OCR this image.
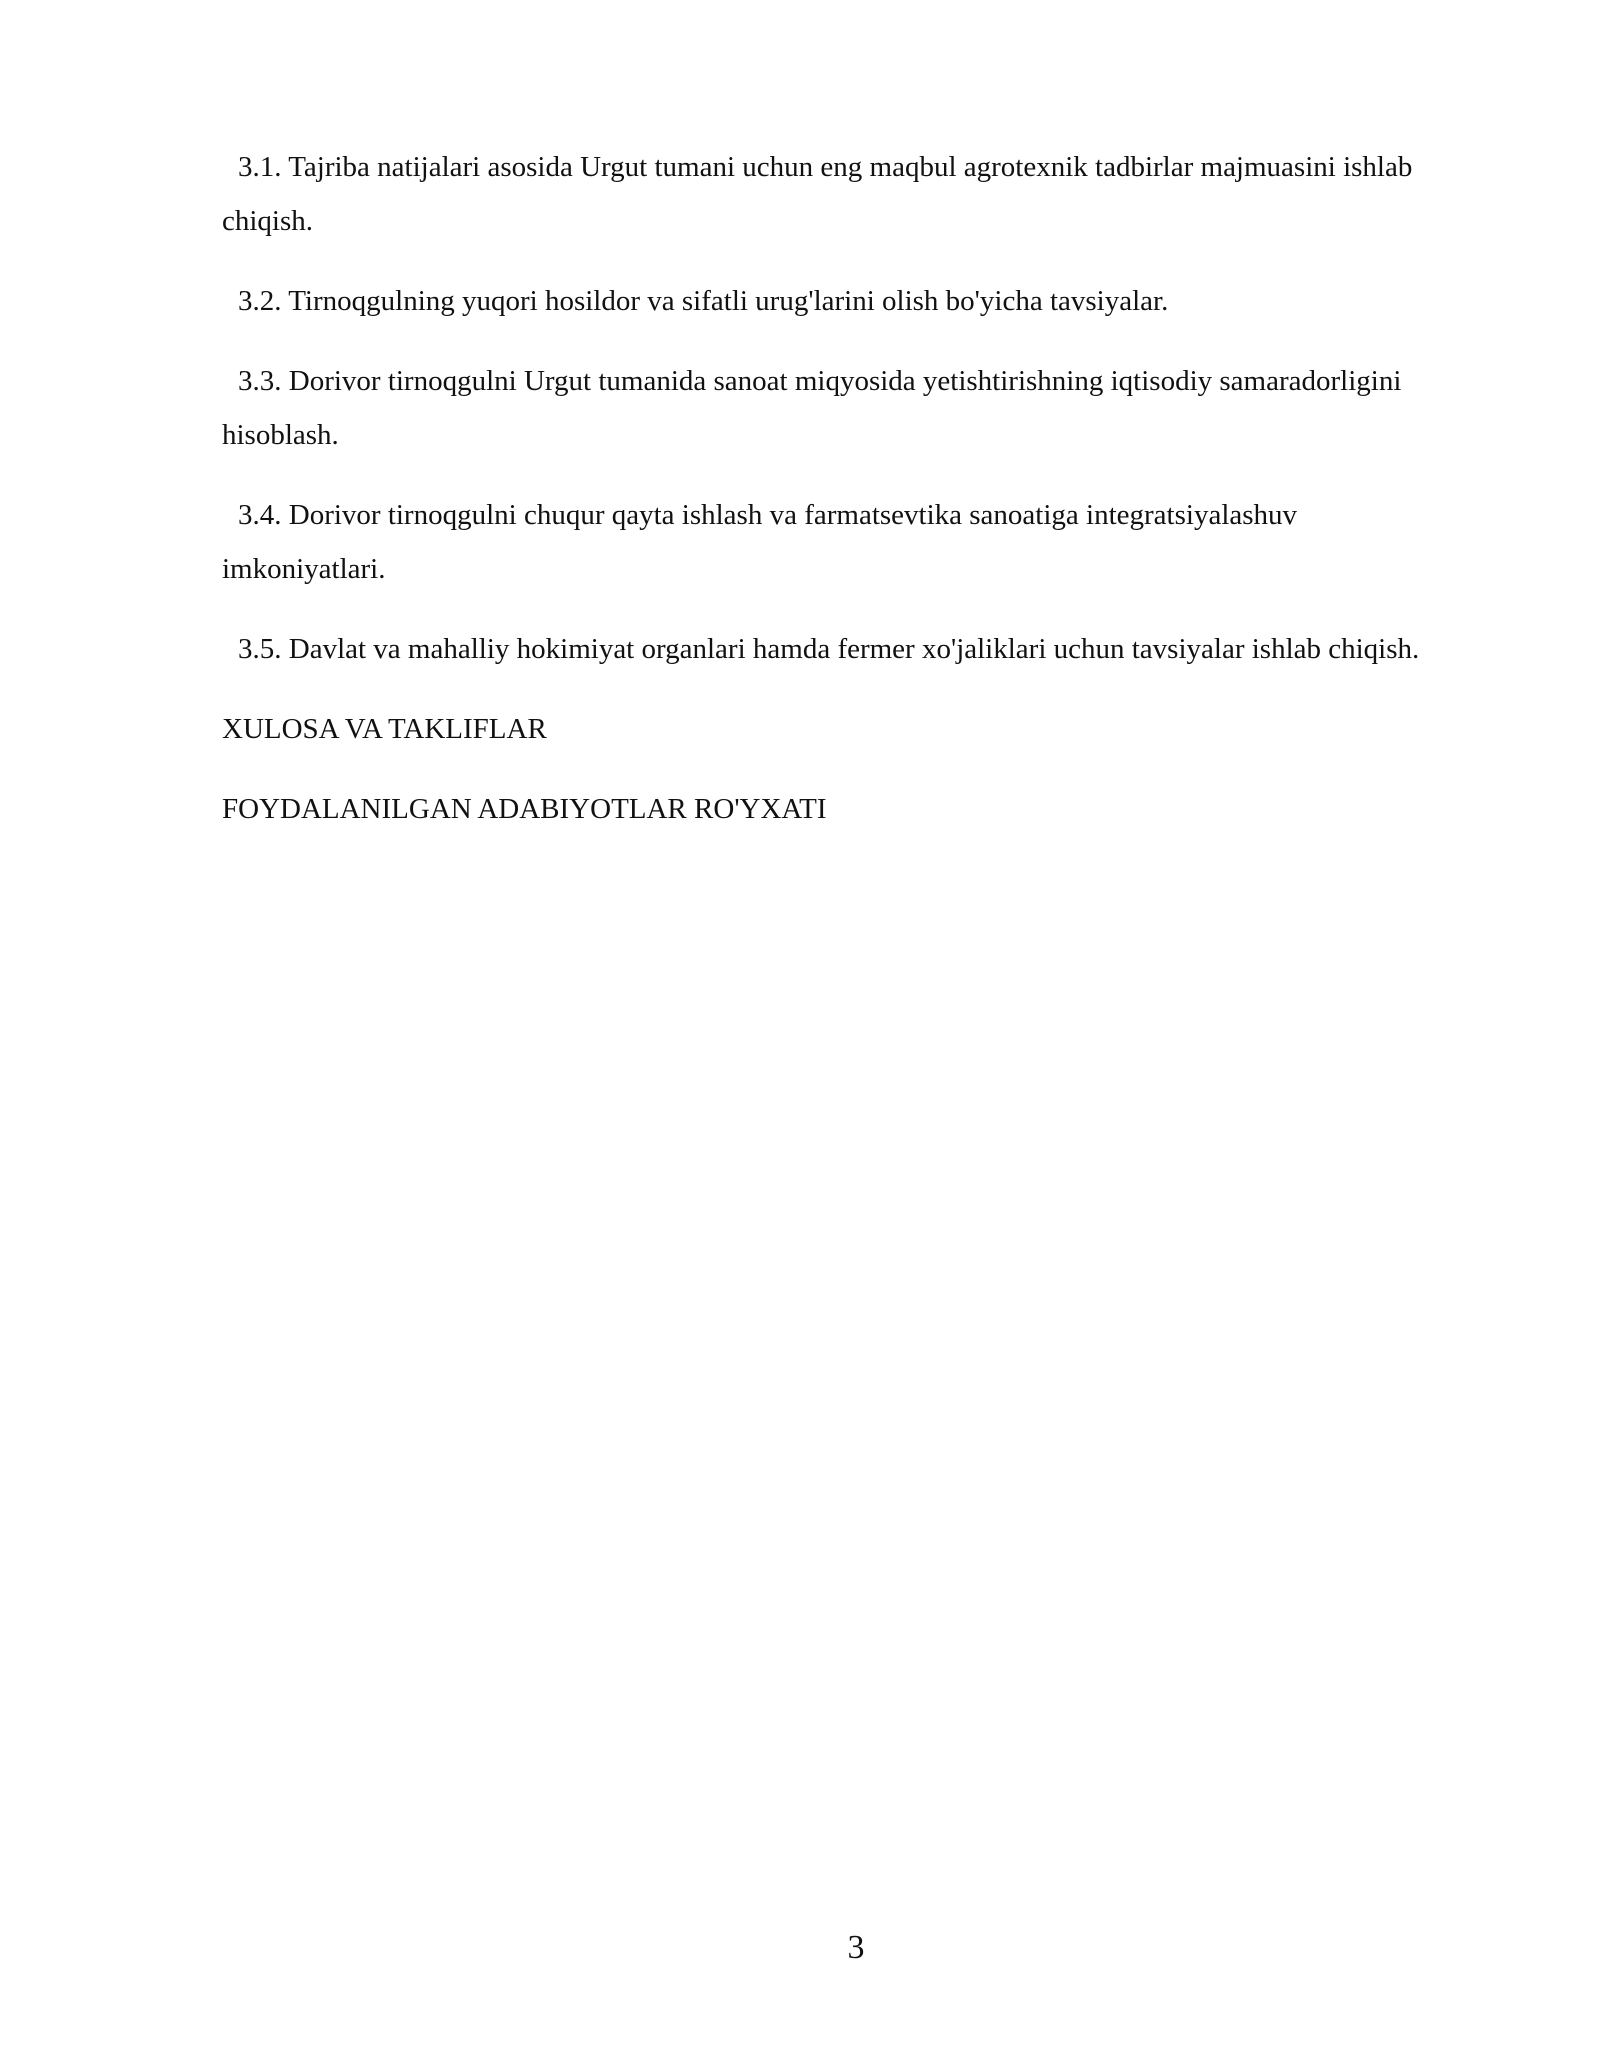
3.1. Tajriba natijalari asosida Urgut tumani uchun eng maqbul agrotexnik tadbirlar majmuasini ishlab chiqish.

3.2. Tirnoqgulning yuqori hosildor va sifatli urug'larini olish bo'yicha tavsiyalar.

3.3. Dorivor tirnoqgulni Urgut tumanida sanoat miqyosida yetishtirishning iqtisodiy samaradorligini hisoblash.

3.4. Dorivor tirnoqgulni chuqur qayta ishlash va farmatsevtika sanoatiga integratsiyalashuv imkoniyatlari.

3.5. Davlat va mahalliy hokimiyat organlari hamda fermer xo'jaliklari uchun tavsiyalar ishlab chiqish.

XULOSA VA TAKLIFLAR

FOYDALANILGAN ADABIYOTLAR RO'YXATI

3
